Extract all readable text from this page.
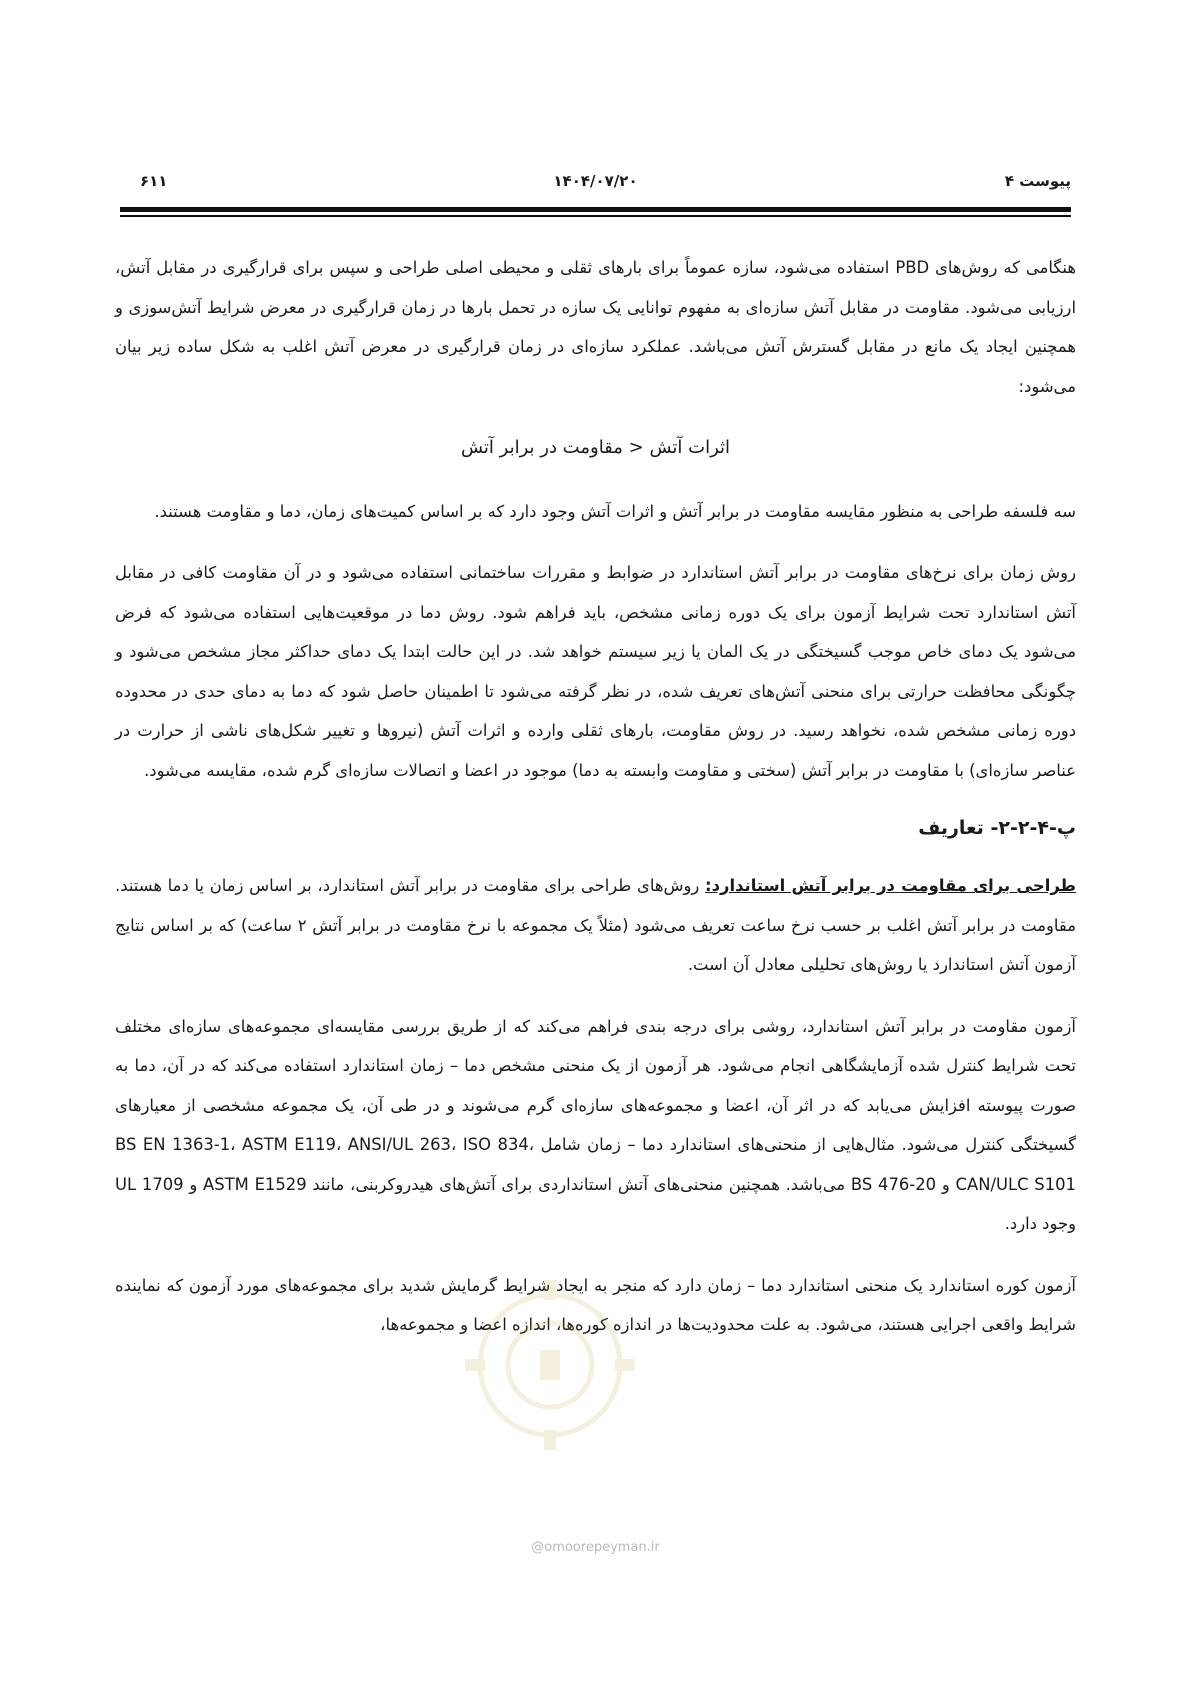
پیوست ۴
۱۴۰۴/۰۷/۲۰
۶۱۱

هنگامی که روش‌های PBD استفاده می‌شود، سازه عموماً برای بارهای ثقلی و محیطی اصلی طراحی و سپس برای قرارگیری در مقابل آتش، ارزیابی می‌شود. مقاومت در مقابل آتش سازه‌ای به مفهوم توانایی یک سازه در تحمل بارها در زمان قرارگیری در معرض شرایط آتش‌سوزی و همچنین ایجاد یک مانع در مقابل گسترش آتش می‌باشد. عملکرد سازه‌ای در زمان قرارگیری در معرض آتش اغلب به شکل ساده زیر بیان می‌شود:

اثرات آتش < مقاومت در برابر آتش

سه فلسفه طراحی به منظور مقایسه مقاومت در برابر آتش و اثرات آتش وجود دارد که بر اساس کمیت‌های زمان، دما و مقاومت هستند.

روش زمان برای نرخ‌های مقاومت در برابر آتش استاندارد در ضوابط و مقررات ساختمانی استفاده می‌شود و در آن مقاومت کافی در مقابل آتش استاندارد تحت شرایط آزمون برای یک دوره زمانی مشخص، باید فراهم شود. روش دما در موقعیت‌هایی استفاده می‌شود که فرض می‌شود یک دمای خاص موجب گسیختگی در یک المان یا زیر سیستم خواهد شد. در این حالت ابتدا یک دمای حداکثر مجاز مشخص می‌شود و چگونگی محافظت حرارتی برای منحنی آتش‌های تعریف شده، در نظر گرفته می‌شود تا اطمینان حاصل شود که دما به دمای حدی در محدوده دوره زمانی مشخص شده، نخواهد رسید. در روش مقاومت، بارهای ثقلی وارده و اثرات آتش (نیروها و تغییر شکل‌های ناشی از حرارت در عناصر سازه‌ای) با مقاومت در برابر آتش (سختی و مقاومت وابسته به دما) موجود در اعضا و اتصالات سازه‌ای گرم شده، مقایسه می‌شود.

پ-۴-۲-۲- تعاریف

طراحی برای مقاومت در برابر آتش استاندارد: روش‌های طراحی برای مقاومت در برابر آتش استاندارد، بر اساس زمان یا دما هستند. مقاومت در برابر آتش اغلب بر حسب نرخ ساعت تعریف می‌شود (مثلاً یک مجموعه با نرخ مقاومت در برابر آتش ۲ ساعت) که بر اساس نتایج آزمون آتش استاندارد یا روش‌های تحلیلی معادل آن است.

آزمون مقاومت در برابر آتش استاندارد، روشی برای درجه بندی فراهم می‌کند که از طریق بررسی مقایسه‌ای مجموعه‌های سازه‌ای مختلف تحت شرایط کنترل شده آزمایشگاهی انجام می‌شود. هر آزمون از یک منحنی مشخص دما – زمان استاندارد استفاده می‌کند که در آن، دما به صورت پیوسته افزایش می‌یابد که در اثر آن، اعضا و مجموعه‌های سازه‌ای گرم می‌شوند و در طی آن، یک مجموعه مشخصی از معیارهای گسیختگی کنترل می‌شود. مثال‌هایی از منحنی‌های استاندارد دما – زمان شامل BS EN 1363-1، ASTM E119، ANSI/UL 263، ISO 834، CAN/ULC S101 و BS 476-20 می‌باشد. همچنین منحنی‌های آتش استانداردی برای آتش‌های هیدروکربنی، مانند ASTM E1529 و UL 1709 وجود دارد.

آزمون کوره استاندارد یک منحنی استاندارد دما – زمان دارد که منجر به ایجاد شرایط گرمایش شدید برای مجموعه‌های مورد آزمون که نماینده شرایط واقعی اجرایی هستند، می‌شود. به علت محدودیت‌ها در اندازه کوره‌ها، اندازه اعضا و مجموعه‌ها،

@omoorepeyman.ir
